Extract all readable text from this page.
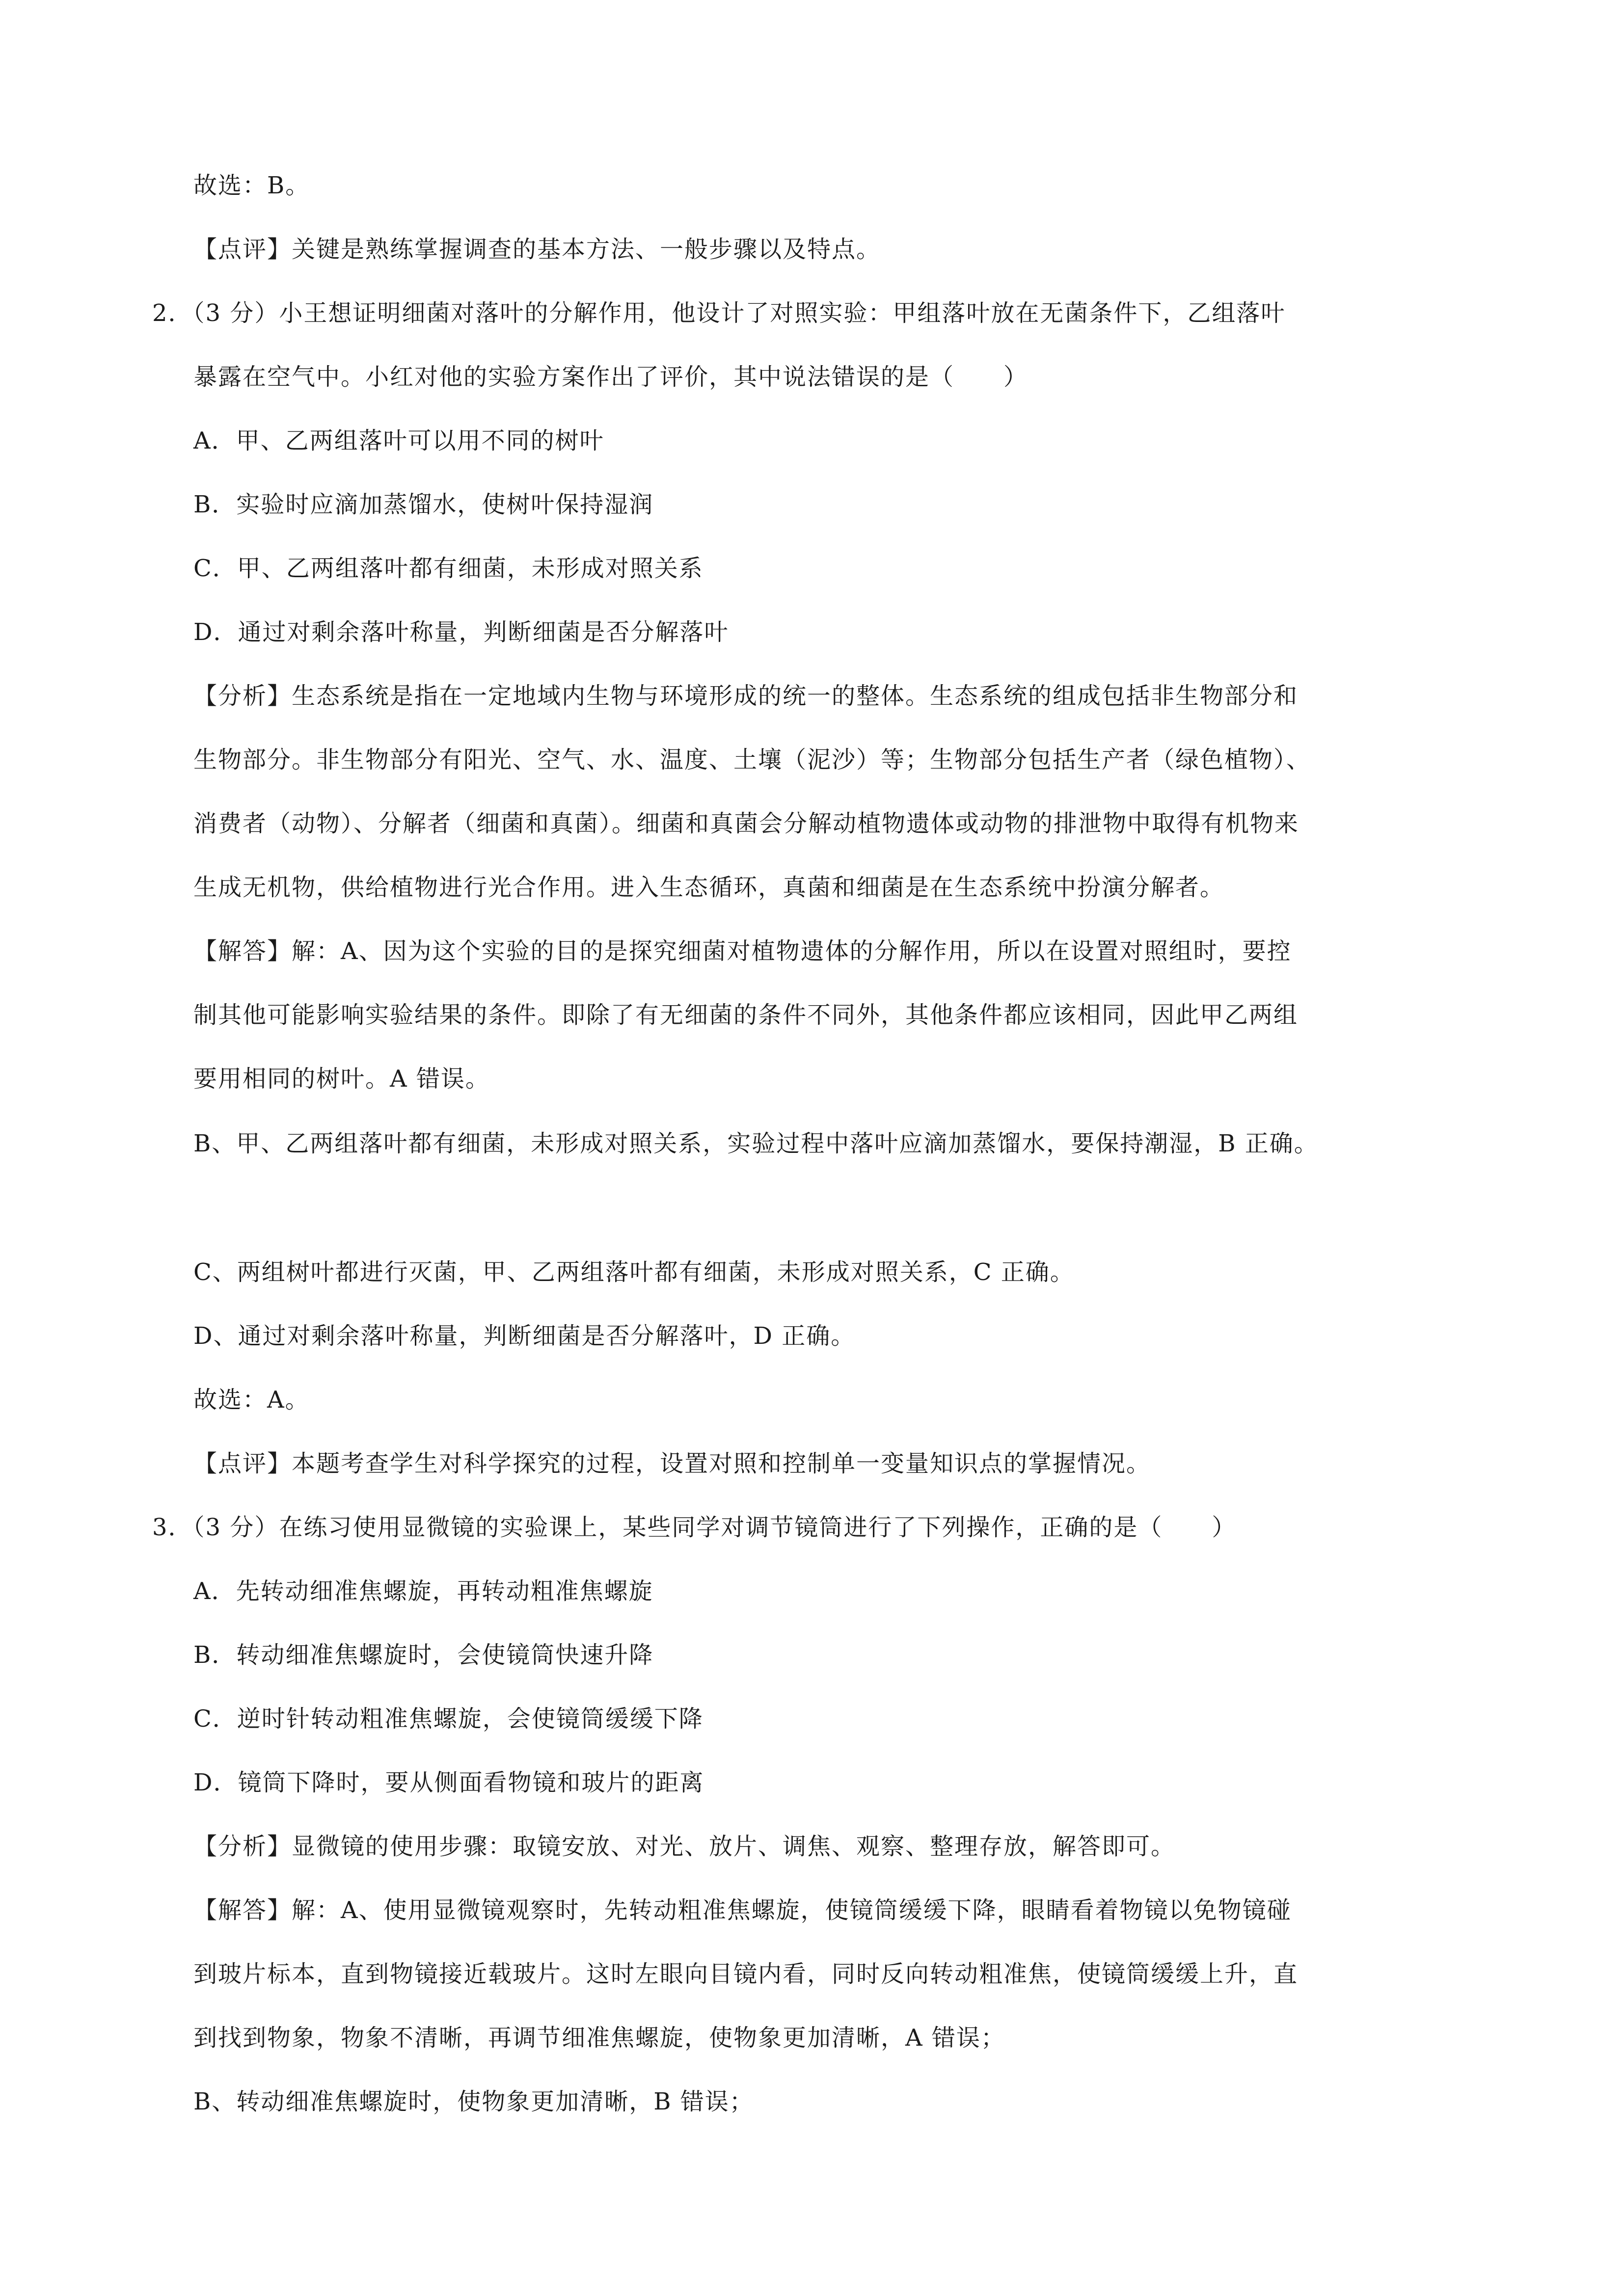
故选：B。
【点评】关键是熟练掌握调查的基本方法、一般步骤以及特点。
2．（3 分）小王想证明细菌对落叶的分解作用，他设计了对照实验：甲组落叶放在无菌条件下，乙组落叶
暴露在空气中。小红对他的实验方案作出了评价，其中说法错误的是（　　）
A．甲、乙两组落叶可以用不同的树叶
B．实验时应滴加蒸馏水，使树叶保持湿润
C．甲、乙两组落叶都有细菌，未形成对照关系
D．通过对剩余落叶称量，判断细菌是否分解落叶
【分析】生态系统是指在一定地域内生物与环境形成的统一的整体。生态系统的组成包括非生物部分和
生物部分。非生物部分有阳光、空气、水、温度、土壤（泥沙）等；生物部分包括生产者（绿色植物）、
消费者（动物）、分解者（细菌和真菌）。细菌和真菌会分解动植物遗体或动物的排泄物中取得有机物来
生成无机物，供给植物进行光合作用。进入生态循环，真菌和细菌是在生态系统中扮演分解者。
【解答】解：A、因为这个实验的目的是探究细菌对植物遗体的分解作用，所以在设置对照组时，要控
制其他可能影响实验结果的条件。即除了有无细菌的条件不同外，其他条件都应该相同，因此甲乙两组
要用相同的树叶。A 错误。
B、甲、乙两组落叶都有细菌，未形成对照关系，实验过程中落叶应滴加蒸馏水，要保持潮湿，B 正确。
C、两组树叶都进行灭菌，甲、乙两组落叶都有细菌，未形成对照关系，C 正确。
D、通过对剩余落叶称量，判断细菌是否分解落叶，D 正确。
故选：A。
【点评】本题考查学生对科学探究的过程，设置对照和控制单一变量知识点的掌握情况。
3．（3 分）在练习使用显微镜的实验课上，某些同学对调节镜筒进行了下列操作，正确的是（　　）
A．先转动细准焦螺旋，再转动粗准焦螺旋
B．转动细准焦螺旋时，会使镜筒快速升降
C．逆时针转动粗准焦螺旋，会使镜筒缓缓下降
D．镜筒下降时，要从侧面看物镜和玻片的距离
【分析】显微镜的使用步骤：取镜安放、对光、放片、调焦、观察、整理存放，解答即可。
【解答】解：A、使用显微镜观察时，先转动粗准焦螺旋，使镜筒缓缓下降，眼睛看着物镜以免物镜碰
到玻片标本，直到物镜接近载玻片。这时左眼向目镜内看，同时反向转动粗准焦，使镜筒缓缓上升，直
到找到物象，物象不清晰，再调节细准焦螺旋，使物象更加清晰，A 错误；
B、转动细准焦螺旋时，使物象更加清晰，B 错误；
